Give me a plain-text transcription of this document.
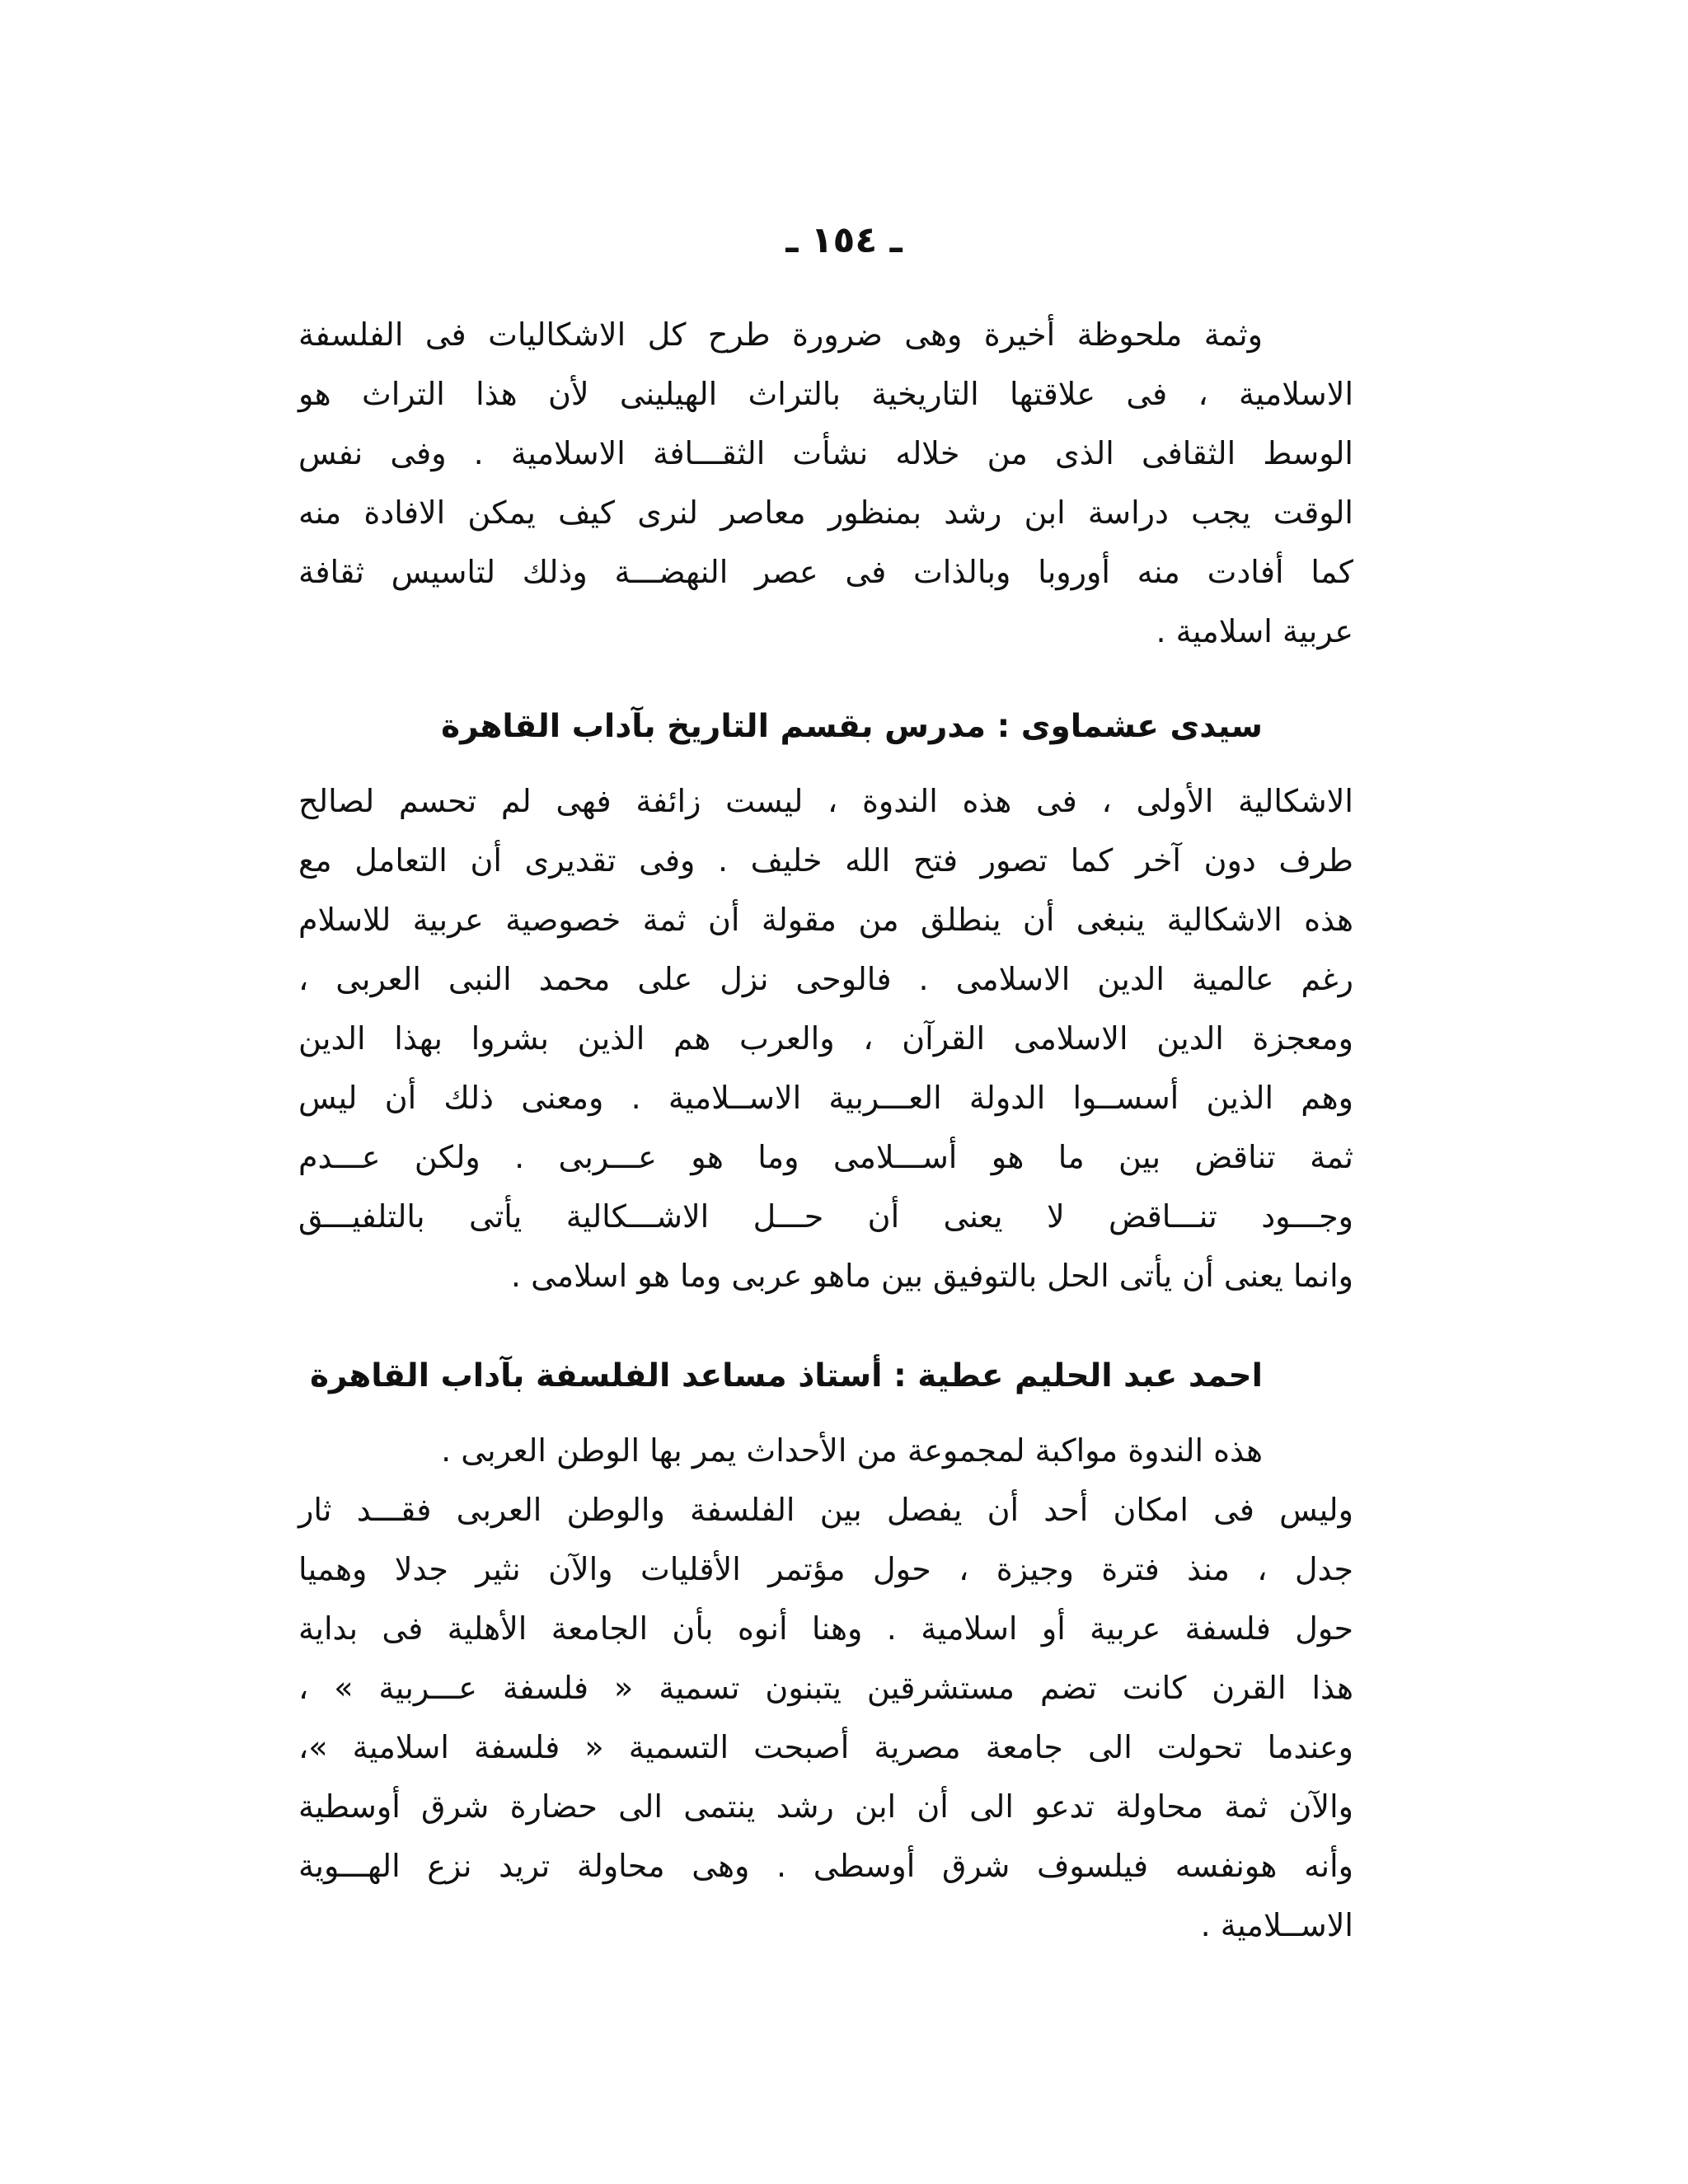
ـ ١٥٤ ـ
وثمة ملحوظة أخيرة وهى ضرورة طرح كل الاشكاليات فى الفلسفة
الاسلامية ، فى علاقتها التاريخية بالتراث الهيلينى لأن هذا التراث هو
الوسط الثقافى الذى من خلاله نشأت الثقـــافة الاسلامية . وفى نفس
الوقت يجب دراسة ابن رشد بمنظور معاصر لنرى كيف يمكن الافادة منه
كما أفادت منه أوروبا وبالذات فى عصر النهضـــة وذلك لتاسيس ثقافة
عربية اسلامية .
سيدى عشماوى : مدرس بقسم التاريخ بآداب القاهرة
الاشكالية الأولى ، فى هذه الندوة ، ليست زائفة فهى لم تحسم لصالح
طرف دون آخر كما تصور فتح الله خليف . وفى تقديرى أن التعامل مع
هذه الاشكالية ينبغى أن ينطلق من مقولة أن ثمة خصوصية عربية للاسلام
رغم عالمية الدين الاسلامى . فالوحى نزل على محمد النبى العربى ،
ومعجزة الدين الاسلامى القرآن ، والعرب هم الذين بشروا بهذا الدين
وهم الذين أسســوا الدولة العـــربية الاســلامية . ومعنى ذلك أن ليس
ثمة تناقض بين ما هو أســـلامى وما هو عـــربى . ولكن عـــدم
وجـــود تنـــاقض لا يعنى أن حـــل الاشـــكالية يأتى بالتلفيـــق
وانما يعنى أن يأتى الحل بالتوفيق بين ماهو عربى وما هو اسلامى .
احمد عبد الحليم عطية : أستاذ مساعد الفلسفة بآداب القاهرة
هذه الندوة مواكبة لمجموعة من الأحداث يمر بها الوطن العربى .
وليس فى امكان أحد أن يفصل بين الفلسفة والوطن العربى فقـــد ثار
جدل ، منذ فترة وجيزة ، حول مؤتمر الأقليات والآن نثير جدلا وهميا
حول فلسفة عربية أو اسلامية . وهنا أنوه بأن الجامعة الأهلية فى بداية
هذا القرن كانت تضم مستشرقين يتبنون تسمية « فلسفة عـــربية » ،
وعندما تحولت الى جامعة مصرية أصبحت التسمية « فلسفة اسلامية »،
والآن ثمة محاولة تدعو الى أن ابن رشد ينتمى الى حضارة شرق أوسطية
وأنه هونفسه فيلسوف شرق أوسطى . وهى محاولة تريد نزع الهـــوية
الاســلامية .
